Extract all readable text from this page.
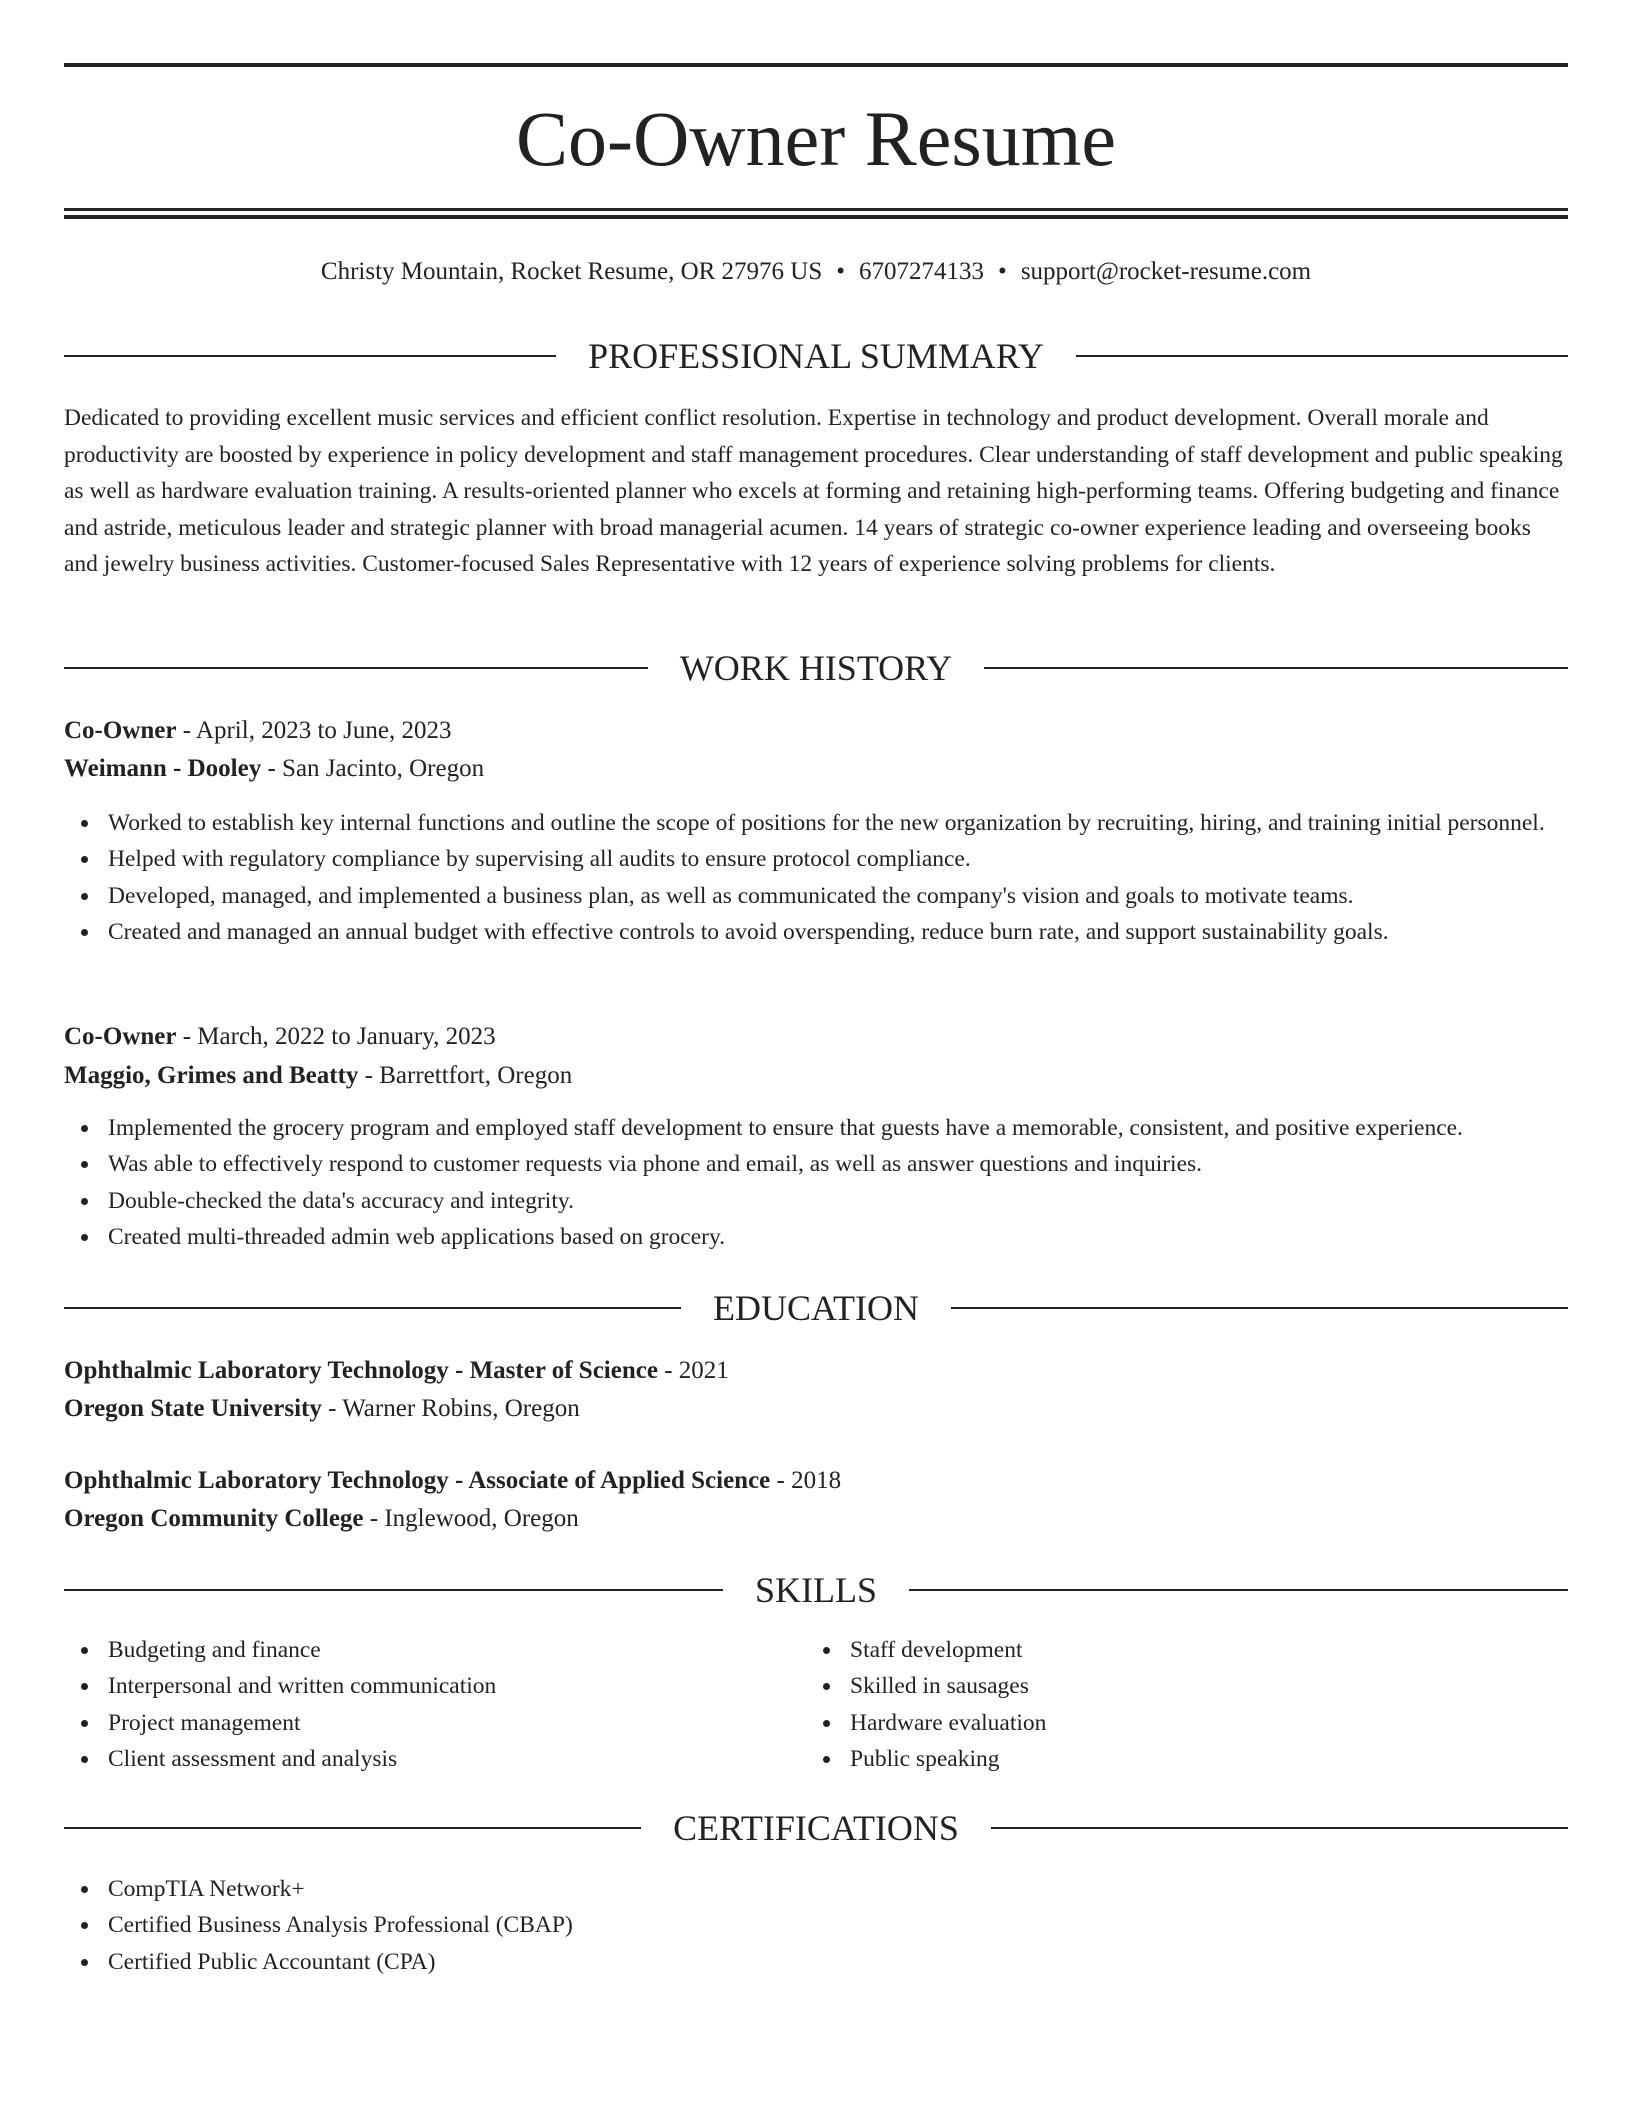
Co-Owner Resume
Christy Mountain, Rocket Resume, OR 27976 US • 6707274133 • support@rocket-resume.com
PROFESSIONAL SUMMARY

Dedicated to providing excellent music services and efficient conflict resolution. Expertise in technology and product development. Overall morale and productivity are boosted by experience in policy development and staff management procedures. Clear understanding of staff development and public speaking as well as hardware evaluation training. A results-oriented planner who excels at forming and retaining high-performing teams. Offering budgeting and finance and astride, meticulous leader and strategic planner with broad managerial acumen. 14 years of strategic co-owner experience leading and overseeing books and jewelry business activities. Customer-focused Sales Representative with 12 years of experience solving problems for clients.

WORK HISTORY
Co-Owner - April, 2023 to June, 2023
Weimann - Dooley - San Jacinto, Oregon
Worked to establish key internal functions and outline the scope of positions for the new organization by recruiting, hiring, and training initial personnel.
Helped with regulatory compliance by supervising all audits to ensure protocol compliance.
Developed, managed, and implemented a business plan, as well as communicated the company's vision and goals to motivate teams.
Created and managed an annual budget with effective controls to avoid overspending, reduce burn rate, and support sustainability goals.
Co-Owner - March, 2022 to January, 2023
Maggio, Grimes and Beatty - Barrettfort, Oregon
Implemented the grocery program and employed staff development to ensure that guests have a memorable, consistent, and positive experience.
Was able to effectively respond to customer requests via phone and email, as well as answer questions and inquiries.
Double-checked the data's accuracy and integrity.
Created multi-threaded admin web applications based on grocery.
EDUCATION
Ophthalmic Laboratory Technology - Master of Science - 2021
Oregon State University - Warner Robins, Oregon
Ophthalmic Laboratory Technology - Associate of Applied Science - 2018
Oregon Community College - Inglewood, Oregon
SKILLS
Budgeting and finance
Interpersonal and written communication
Project management
Client assessment and analysis
Staff development
Skilled in sausages
Hardware evaluation
Public speaking
CERTIFICATIONS
CompTIA Network+
Certified Business Analysis Professional (CBAP)
Certified Public Accountant (CPA)
